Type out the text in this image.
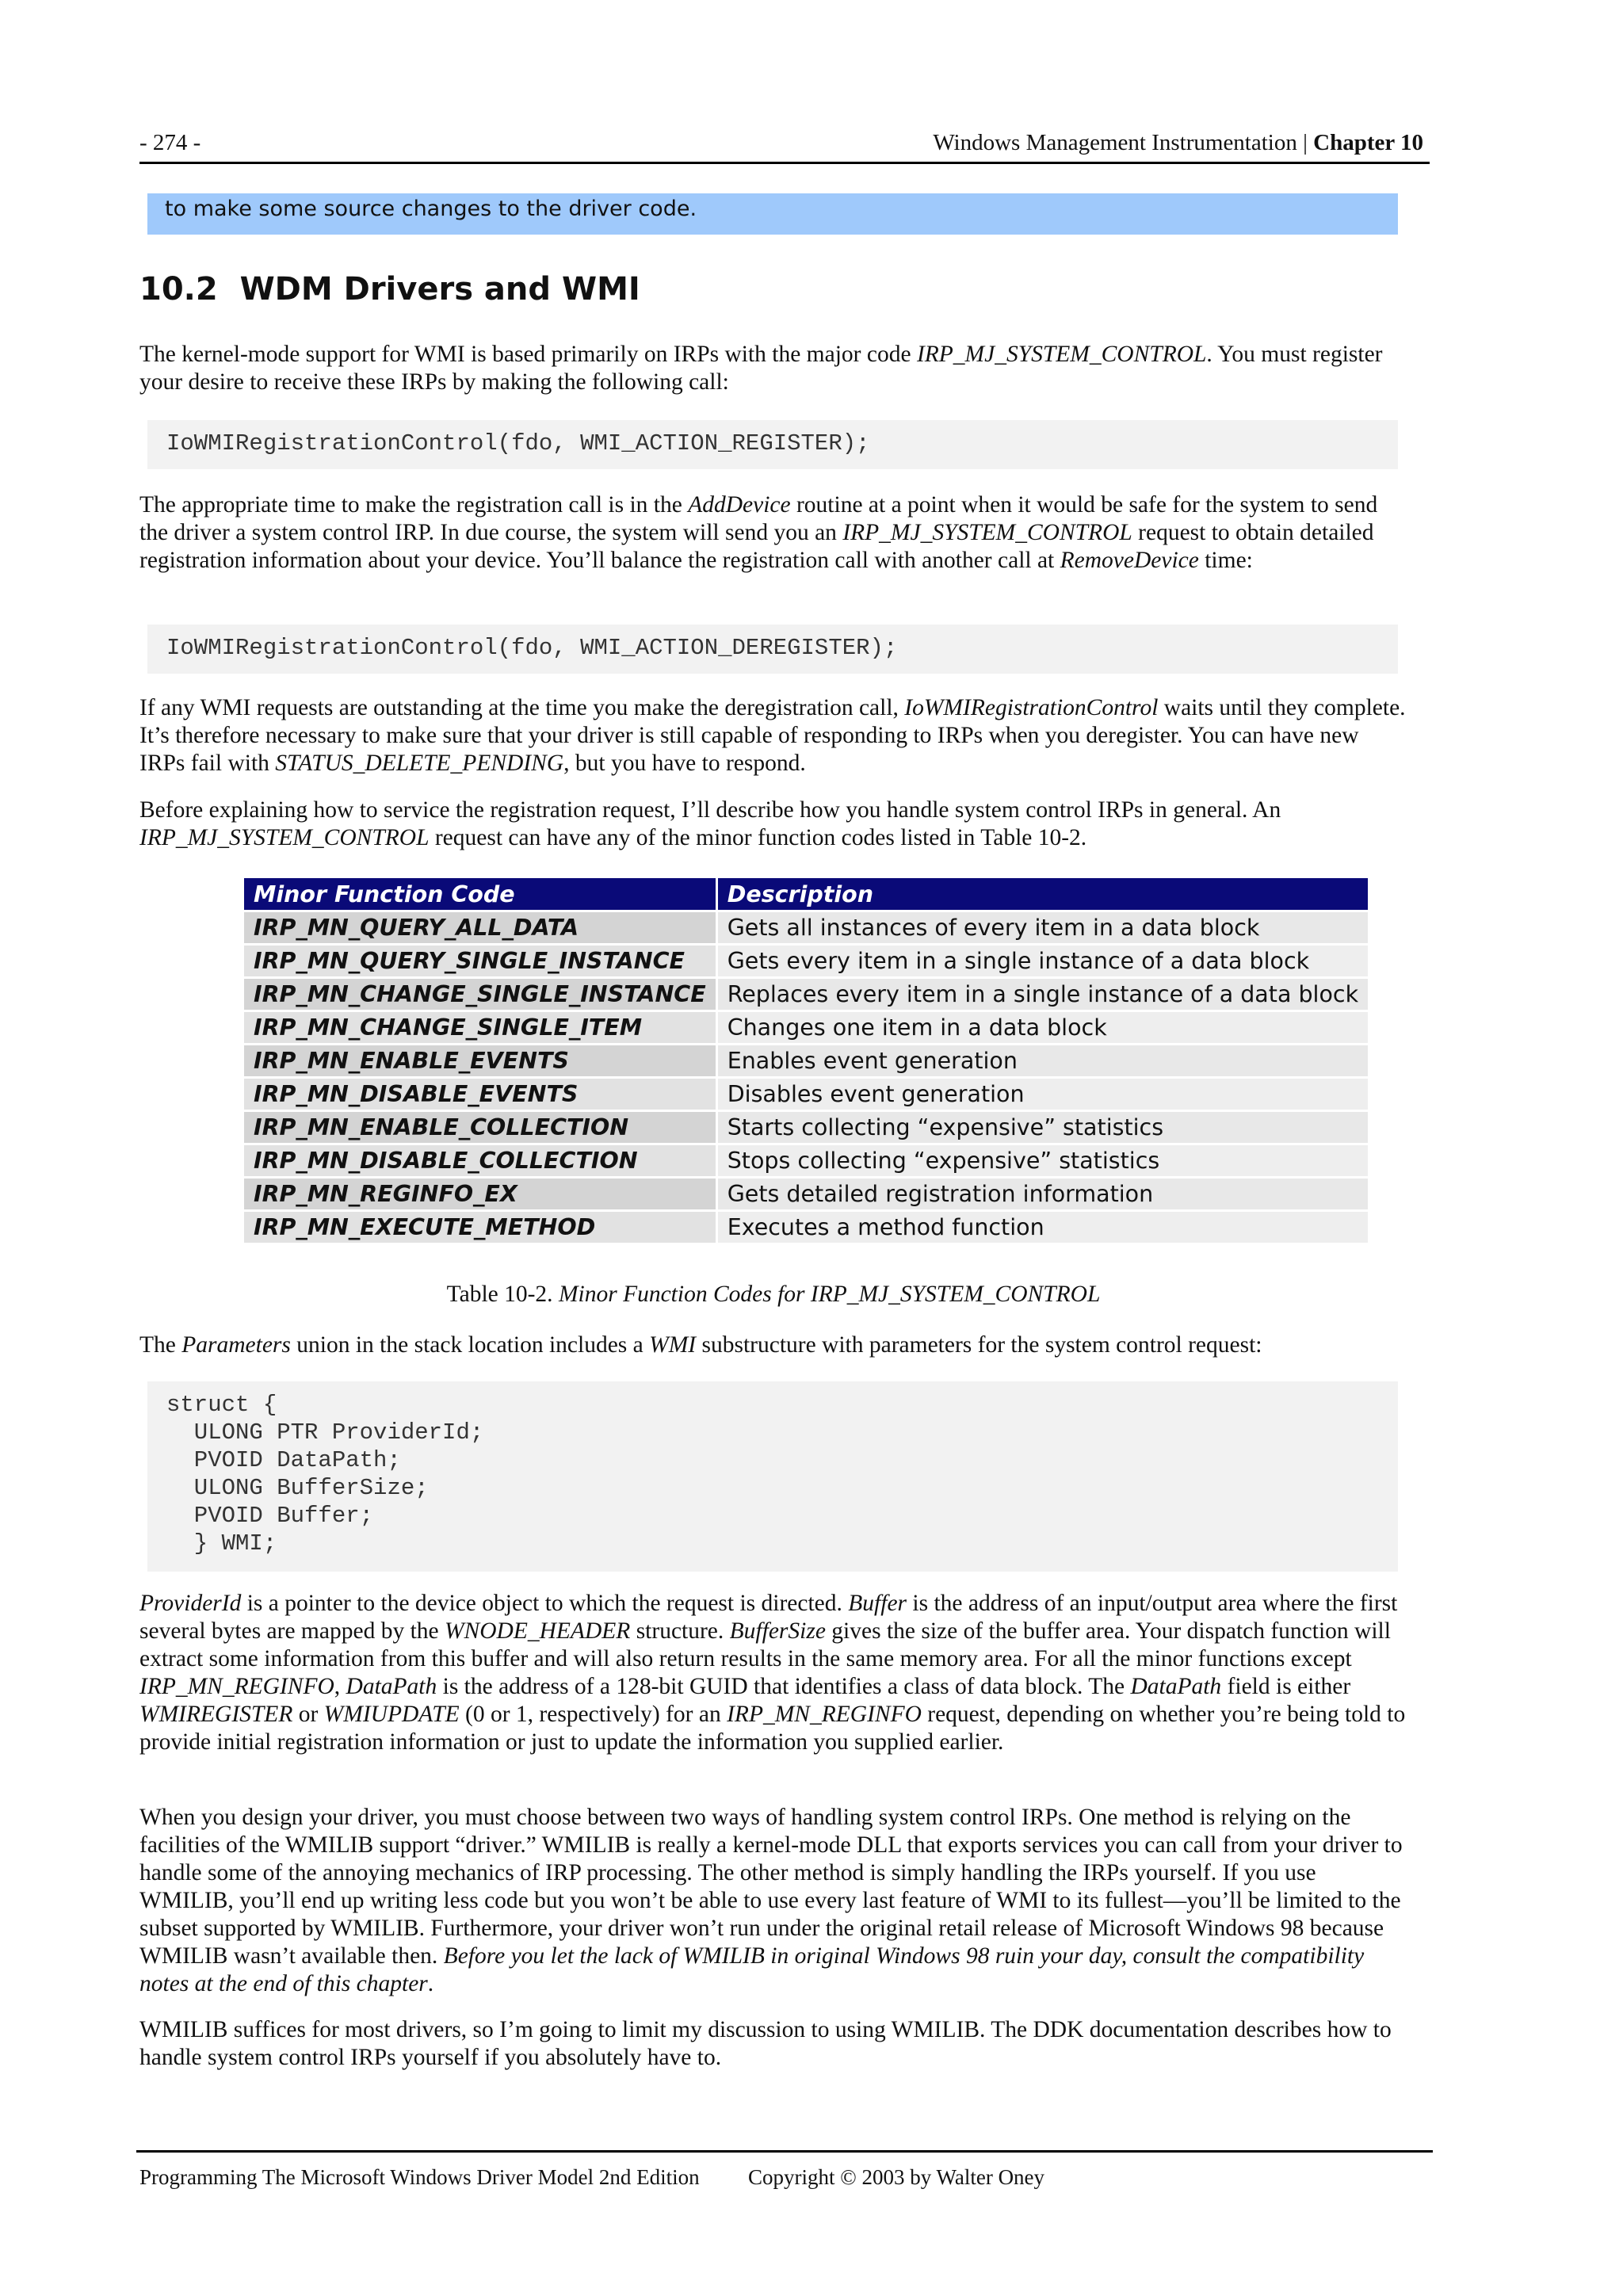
- 274 -	Windows Management Instrumentation | Chapter 10
to make some source changes to the driver code.
10.2 WDM Drivers and WMI

The kernel-mode support for WMI is based primarily on IRPs with the major code IRP_MJ_SYSTEM_CONTROL. You must register your desire to receive these IRPs by making the following call:

IoWMIRegistrationControl(fdo, WMI_ACTION_REGISTER);

The appropriate time to make the registration call is in the AddDevice routine at a point when it would be safe for the system to send the driver a system control IRP. In due course, the system will send you an IRP_MJ_SYSTEM_CONTROL request to obtain detailed registration information about your device. You’ll balance the registration call with another call at RemoveDevice time:

IoWMIRegistrationControl(fdo, WMI_ACTION_DEREGISTER);

If any WMI requests are outstanding at the time you make the deregistration call, IoWMIRegistrationControl waits until they complete. It’s therefore necessary to make sure that your driver is still capable of responding to IRPs when you deregister. You can have new IRPs fail with STATUS_DELETE_PENDING, but you have to respond.

Before explaining how to service the registration request, I’ll describe how you handle system control IRPs in general. An IRP_MJ_SYSTEM_CONTROL request can have any of the minor function codes listed in Table 10-2.

Minor Function Code	Description
IRP_MN_QUERY_ALL_DATA	Gets all instances of every item in a data block
IRP_MN_QUERY_SINGLE_INSTANCE	Gets every item in a single instance of a data block
IRP_MN_CHANGE_SINGLE_INSTANCE	Replaces every item in a single instance of a data block
IRP_MN_CHANGE_SINGLE_ITEM	Changes one item in a data block
IRP_MN_ENABLE_EVENTS	Enables event generation
IRP_MN_DISABLE_EVENTS	Disables event generation
IRP_MN_ENABLE_COLLECTION	Starts collecting “expensive” statistics
IRP_MN_DISABLE_COLLECTION	Stops collecting “expensive” statistics
IRP_MN_REGINFO_EX	Gets detailed registration information
IRP_MN_EXECUTE_METHOD	Executes a method function
Table 10-2. Minor Function Codes for IRP_MJ_SYSTEM_CONTROL

The Parameters union in the stack location includes a WMI substructure with parameters for the system control request:

struct {
ULONG PTR ProviderId;
PVOID DataPath;
ULONG BufferSize;
PVOID Buffer;
} WMI;

ProviderId is a pointer to the device object to which the request is directed. Buffer is the address of an input/output area where the first several bytes are mapped by the WNODE_HEADER structure. BufferSize gives the size of the buffer area. Your dispatch function will extract some information from this buffer and will also return results in the same memory area. For all the minor functions except IRP_MN_REGINFO, DataPath is the address of a 128-bit GUID that identifies a class of data block. The DataPath field is either WMIREGISTER or WMIUPDATE (0 or 1, respectively) for an IRP_MN_REGINFO request, depending on whether you’re being told to provide initial registration information or just to update the information you supplied earlier.

When you design your driver, you must choose between two ways of handling system control IRPs. One method is relying on the facilities of the WMILIB support “driver.” WMILIB is really a kernel-mode DLL that exports services you can call from your driver to handle some of the annoying mechanics of IRP processing. The other method is simply handling the IRPs yourself. If you use WMILIB, you’ll end up writing less code but you won’t be able to use every last feature of WMI to its fullest—you’ll be limited to the subset supported by WMILIB. Furthermore, your driver won’t run under the original retail release of Microsoft Windows 98 because WMILIB wasn’t available then. Before you let the lack of WMILIB in original Windows 98 ruin your day, consult the compatibility notes at the end of this chapter.

WMILIB suffices for most drivers, so I’m going to limit my discussion to using WMILIB. The DDK documentation describes how to handle system control IRPs yourself if you absolutely have to.

Programming The Microsoft Windows Driver Model 2nd Edition Copyright © 2003 by Walter Oney
